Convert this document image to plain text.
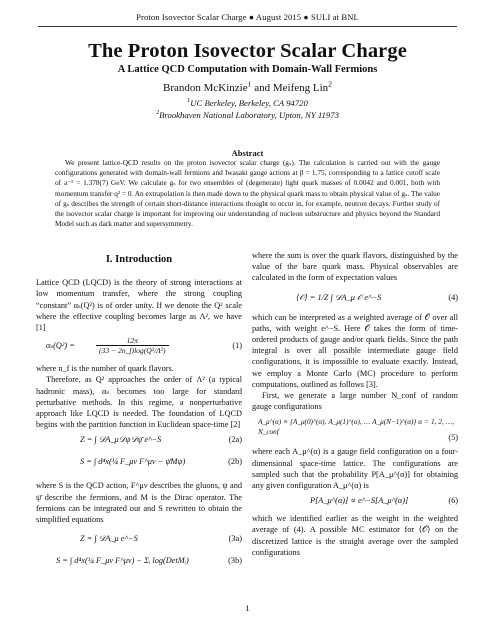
Proton Isovector Scalar Charge ● August 2015 ● SULI at BNL
The Proton Isovector Scalar Charge
A Lattice QCD Computation with Domain-Wall Fermions
Brandon McKinzie$^1$ and Meifeng Lin$^2$
$^1$UC Berkeley, Berkeley, CA 94720
$^2$Brookhaven National Laboratory, Upton, NY 11973
Abstract
We present lattice-QCD results on the proton isovector scalar charge (gₛ). The calculation is carried out with the gauge configurations generated with domain-wall fermions and Iwasaki gauge actions at β = 1.75, corresponding to a lattice cutoff scale of a⁻¹ = 1.378(7) GeV. We calculate gₛ for two ensembles of (degenerate) light quark masses of 0.0042 and 0.001, both with momentum transfer q² = 0. An extrapolation is then made down to the physical quark mass to obtain physical value of gₛ. The value of gₛ describes the strength of certain short-distance interactions thought to occur in, for example, neutron decays. Further study of the isovector scalar charge is important for improving our understanding of nucleon substructure and physics beyond the Standard Model such as dark matter and supersymmetry.
I. Introduction

Lattice QCD (LQCD) is the theory of strong interactions at low momentum transfer, where the strong coupling “constant” αₛ(Q²) is of order unity. If we denote the Q² scale where the effective coupling becomes large as Λ², we have [1]

αₛ(Q²) =	$\frac{12\pi}{\text{(33 − 2n\_f)log(Q²/Λ²)}}$	(1)

where n_f is the number of quark flavors.

Therefore, as Q² approaches the order of Λ² (a typical hadronic mass), αₛ becomes too large for standard perturbative methods. In this regime, a nonperturbative approach like LQCD is needed. The foundation of LQCD begins with the partition function in Euclidean space-time [2]

Z = ∫ 𝒟A_μ𝒟ψ𝒟ψ̄ e^−S	(2a)
S = ∫ d⁴x(¼ F_μν F^μν − ψ̄Mψ)	(2b)

where S is the QCD action, F^μν describes the gluons, ψ and ψ̄ describe the fermions, and M is the Dirac operator. The fermions can be integrated out and S rewritten to obtain the simplified equations

Z = ∫ 𝒟A_μ e^−S	(3a)
S = ∫ d⁴x(¼ F_μν F^μν) − Σᵢ log(DetMᵢ)	(3b)

where the sum is over the quark flavors, distinguished by the value of the bare quark mass. Physical observables are calculated in the form of expectation values

⟨𝒪⟩ = 1/Z ∫ 𝒟A_μ 𝒪 e^−S	(4)

which can be interpreted as a weighted average of 𝒪 over all paths, with weight e^−S. Here 𝒪 takes the form of time-ordered products of gauge and/or quark fields. Since the path integral is over all possible intermediate gauge field configurations, it is impossible to evaluate exactly. Instead, we employ a Monte Carlo (MC) procedure to perform computations, outlined as follows [3].

First, we generate a large number N_conf of random gauge configurations

A_μ^(α) ≡ {A_μ(0)^(α), A_μ(1)^(α), … A_μ(N−1)^(α)} α = 1, 2, …, N_conf
(5)

where each A_μ^(α) is a gauge field configuration on a four-dimensional space-time lattice. The configurations are sampled such that the probability P[A_μ^(α)] for obtaining any given configuration A_μ^(α) is

P[A_μ^(α)] ∝ e^−S[A_μ^(α)]	(6)

which we identified earlier as the weight in the weighted average of (4). A possible MC estimator for ⟨𝒪⟩ on the discretized lattice is the straight average over the sampled configurations

1
